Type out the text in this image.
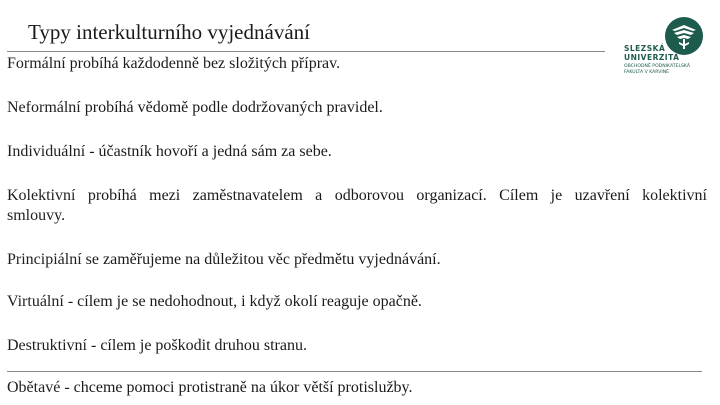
Typy interkulturního vyjednávání
SLEZSKÁ
UNIVERZITA
OBCHODNĚ PODNIKATELSKÁ
FAKULTA V KARVINÉ
Formální probíhá každodenně bez složitých příprav.
Neformální probíhá vědomě podle dodržovaných pravidel.
Individuální - účastník hovoří a jedná sám za sebe.
Kolektivní probíhá mezi zaměstnavatelem a odborovou organizací. Cílem je uzavření kolektivní smlouvy.
Principiální se zaměřujeme na důležitou věc předmětu vyjednávání.
Virtuální - cílem je se nedohodnout, i když okolí reaguje opačně.
Destruktivní - cílem je poškodit druhou stranu.
Obětavé - chceme pomoci protistraně na úkor větší protislužby.
